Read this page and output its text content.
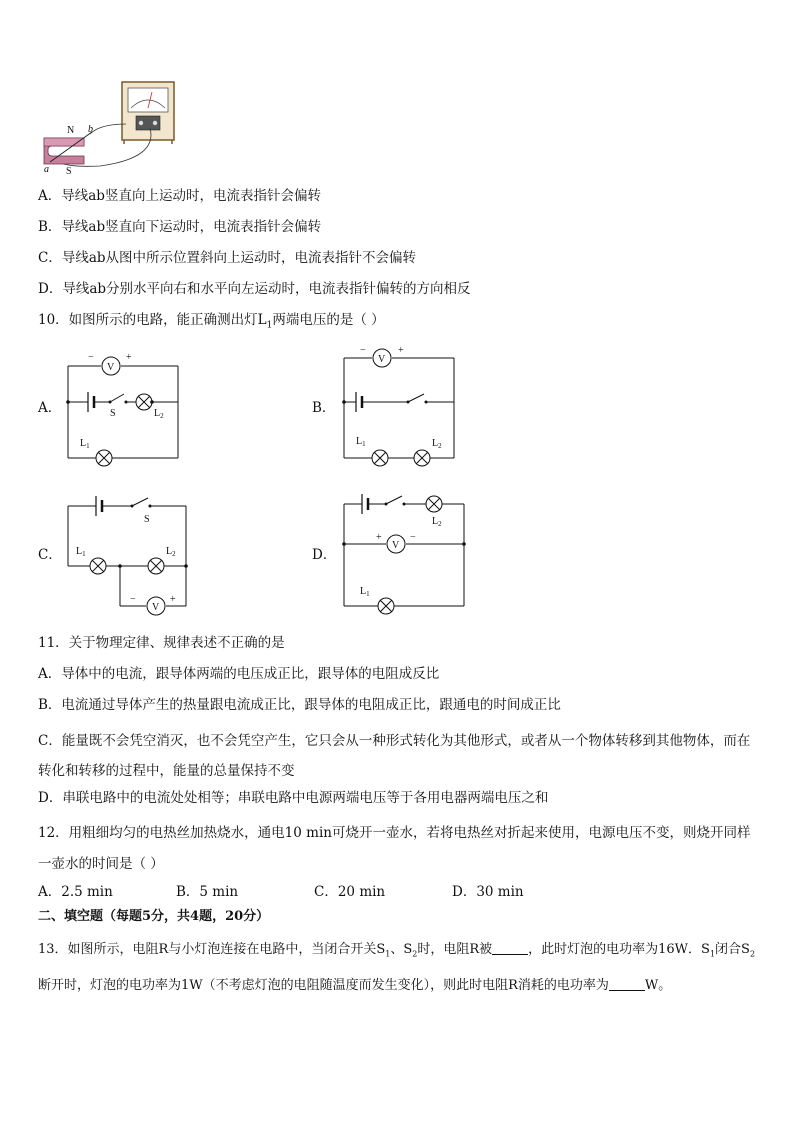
N
S
a
b
A．导线ab竖直向上运动时，电流表指针会偏转
B．导线ab竖直向下运动时，电流表指针会偏转
C．导线ab从图中所示位置斜向上运动时，电流表指针不会偏转
D．导线ab分别水平向右和水平向左运动时，电流表指针偏转的方向相反
10．如图所示的电路，能正确测出灯$L_1$两端电压的是（ ）
A．
V
−	+
S	$L_2$
$L_1$
B．
V
−	+
$L_1$	$L_2$
C．
S
$L_1$	$L_2$
V
−	+
D．
$L_2$
V
+	−
$L_1$
11．关于物理定律、规律表述不正确的是
A．导体中的电流，跟导体两端的电压成正比，跟导体的电阻成反比
B．电流通过导体产生的热量跟电流成正比，跟导体的电阻成正比，跟通电的时间成正比
C．能量既不会凭空消灭，也不会凭空产生，它只会从一种形式转化为其他形式，或者从一个物体转移到其他物体，而在转化和转移的过程中，能量的总量保持不变
D．串联电路中的电流处处相等；串联电路中电源两端电压等于各用电器两端电压之和
12．用粗细均匀的电热丝加热烧水，通电10 min可烧开一壶水，若将电热丝对折起来使用，电源电压不变，则烧开同样一壶水的时间是（ ）
A．2.5 min	B．5 min	C．20 min	D．30 min
二、填空题（每题5分，共4题，20分）
13．如图所示，电阻R与小灯泡连接在电路中，当闭合开关$S_1$、$S_2$时，电阻R被	，此时灯泡的电功率为16W．$S_1$闭合$S_2$断开时，灯泡的电功率为1W（不考虑灯泡的电阻随温度而发生变化），则此时电阻R消耗的电功率为	W。
